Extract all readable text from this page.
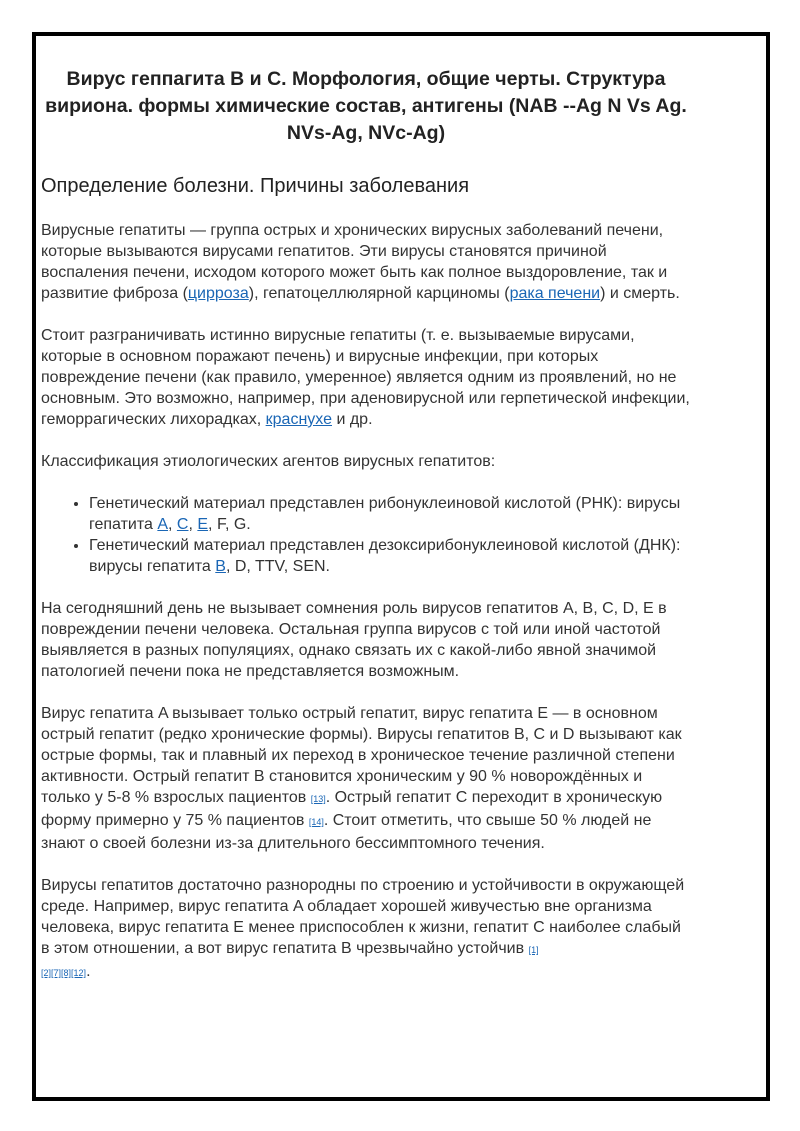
Вирус геппагита В и С. Морфология, общие черты. Структура вириона. формы химические состав, антигены (NAB --Ag N Vs Ag. NVs-Ag, NVc-Ag)
Определение болезни. Причины заболевания

Вирусные гепатиты — группа острых и хронических вирусных заболеваний печени, которые вызываются вирусами гепатитов. Эти вирусы становятся причиной воспаления печени, исходом которого может быть как полное выздоровление, так и развитие фиброза (цирроза), гепатоцеллюлярной карциномы (рака печени) и смерть.

Стоит разграничивать истинно вирусные гепатиты (т. е. вызываемые вирусами, которые в основном поражают печень) и вирусные инфекции, при которых повреждение печени (как правило, умеренное) является одним из проявлений, но не основным. Это возможно, например, при аденовирусной или герпетической инфекции, геморрагических лихорадках, краснухе и др.

Классификация этиологических агентов вирусных гепатитов:

• Генетический материал представлен рибонуклеиновой кислотой (РНК): вирусы гепатита A, C, E, F, G.
• Генетический материал представлен дезоксирибонуклеиновой кислотой (ДНК): вирусы гепатита B, D, TTV, SEN.

На сегодняшний день не вызывает сомнения роль вирусов гепатитов A, B, C, D, E в повреждении печени человека. Остальная группа вирусов с той или иной частотой выявляется в разных популяциях, однако связать их с какой-либо явной значимой патологией печени пока не представляется возможным.

Вирус гепатита A вызывает только острый гепатит, вирус гепатита E — в основном острый гепатит (редко хронические формы). Вирусы гепатитов B, C и D вызывают как острые формы, так и плавный их переход в хроническое течение различной степени активности. Острый гепатит B становится хроническим у 90 % новорождённых и только у 5-8 % взрослых пациентов [13]. Острый гепатит C переходит в хроническую форму примерно у 75 % пациентов [14]. Стоит отметить, что свыше 50 % людей не знают о своей болезни из-за длительного бессимптомного течения.

Вирусы гепатитов достаточно разнородны по строению и устойчивости в окружающей среде. Например, вирус гепатита A обладает хорошей живучестью вне организма человека, вирус гепатита E менее приспособлен к жизни, гепатит C наиболее слабый в этом отношении, а вот вирус гепатита B чрезвычайно устойчив [1]
[2][7][8][12].
